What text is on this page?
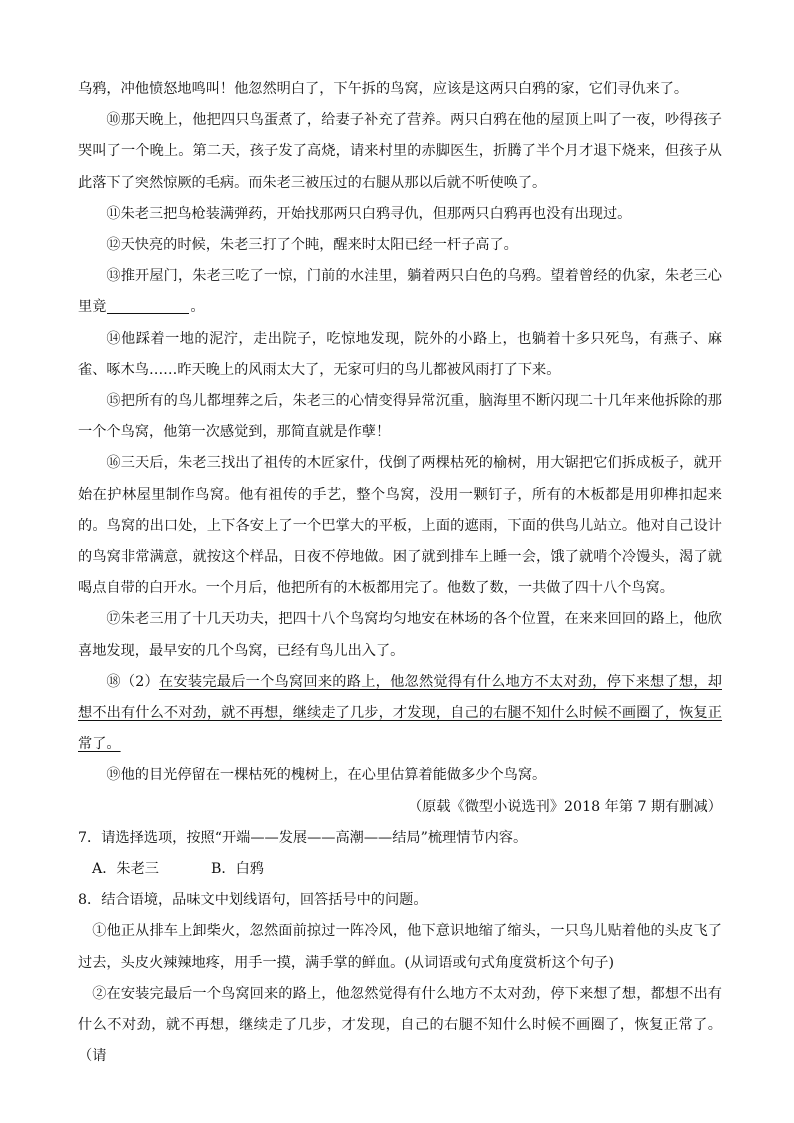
乌鸦，冲他愤怒地鸣叫！他忽然明白了，下午拆的鸟窝，应该是这两只白鸦的家，它们寻仇来了。

⑩那天晚上，他把四只鸟蛋煮了，给妻子补充了营养。两只白鸦在他的屋顶上叫了一夜，吵得孩子哭叫了一个晚上。第二天，孩子发了高烧，请来村里的赤脚医生，折腾了半个月才退下烧来，但孩子从此落下了突然惊厥的毛病。而朱老三被压过的右腿从那以后就不听使唤了。

⑪朱老三把鸟枪装满弹药，开始找那两只白鸦寻仇，但那两只白鸦再也没有出现过。

⑫天快亮的时候，朱老三打了个盹，醒来时太阳已经一杆子高了。

⑬推开屋门，朱老三吃了一惊，门前的水洼里，躺着两只白色的乌鸦。望着曾经的仇家，朱老三心里竟	。

⑭他踩着一地的泥泞，走出院子，吃惊地发现，院外的小路上，也躺着十多只死鸟，有燕子、麻雀、啄木鸟……昨天晚上的风雨太大了，无家可归的鸟儿都被风雨打了下来。

⑮把所有的鸟儿都埋葬之后，朱老三的心情变得异常沉重，脑海里不断闪现二十几年来他拆除的那一个个鸟窝，他第一次感觉到，那简直就是作孽！

⑯三天后，朱老三找出了祖传的木匠家什，伐倒了两棵枯死的榆树，用大锯把它们拆成板子，就开始在护林屋里制作鸟窝。他有祖传的手艺，整个鸟窝，没用一颗钉子，所有的木板都是用卯榫扣起来的。鸟窝的出口处，上下各安上了一个巴掌大的平板，上面的遮雨，下面的供鸟儿站立。他对自己设计的鸟窝非常满意，就按这个样品，日夜不停地做。困了就到排车上睡一会，饿了就啃个冷馒头，渴了就喝点自带的白开水。一个月后，他把所有的木板都用完了。他数了数，一共做了四十八个鸟窝。

⑰朱老三用了十几天功夫，把四十八个鸟窝均匀地安在林场的各个位置，在来来回回的路上，他欣喜地发现，最早安的几个鸟窝，已经有鸟儿出入了。

⑱（2）在安装完最后一个鸟窝回来的路上，他忽然觉得有什么地方不太对劲，停下来想了想，却想不出有什么不对劲，就不再想，继续走了几步，才发现，自己的右腿不知什么时候不画圈了，恢复正常了。

⑲他的目光停留在一棵枯死的槐树上，在心里估算着能做多少个鸟窝。

（原载《微型小说选刊》2018 年第 7 期有删减）

7．请选择选项，按照“开端——发展——高潮——结局”梳理情节内容。

A．朱老三	B．白鸦

8．结合语境，品味文中划线语句，回答括号中的问题。

①他正从排车上卸柴火，忽然面前掠过一阵冷风，他下意识地缩了缩头，一只鸟儿贴着他的头皮飞了过去，头皮火辣辣地疼，用手一摸，满手掌的鲜血。(从词语或句式角度赏析这个句子)

②在安装完最后一个鸟窝回来的路上，他忽然觉得有什么地方不太对劲，停下来想了想，都想不出有什么不对劲，就不再想，继续走了几步，才发现，自己的右腿不知什么时候不画圈了，恢复正常了。（请
